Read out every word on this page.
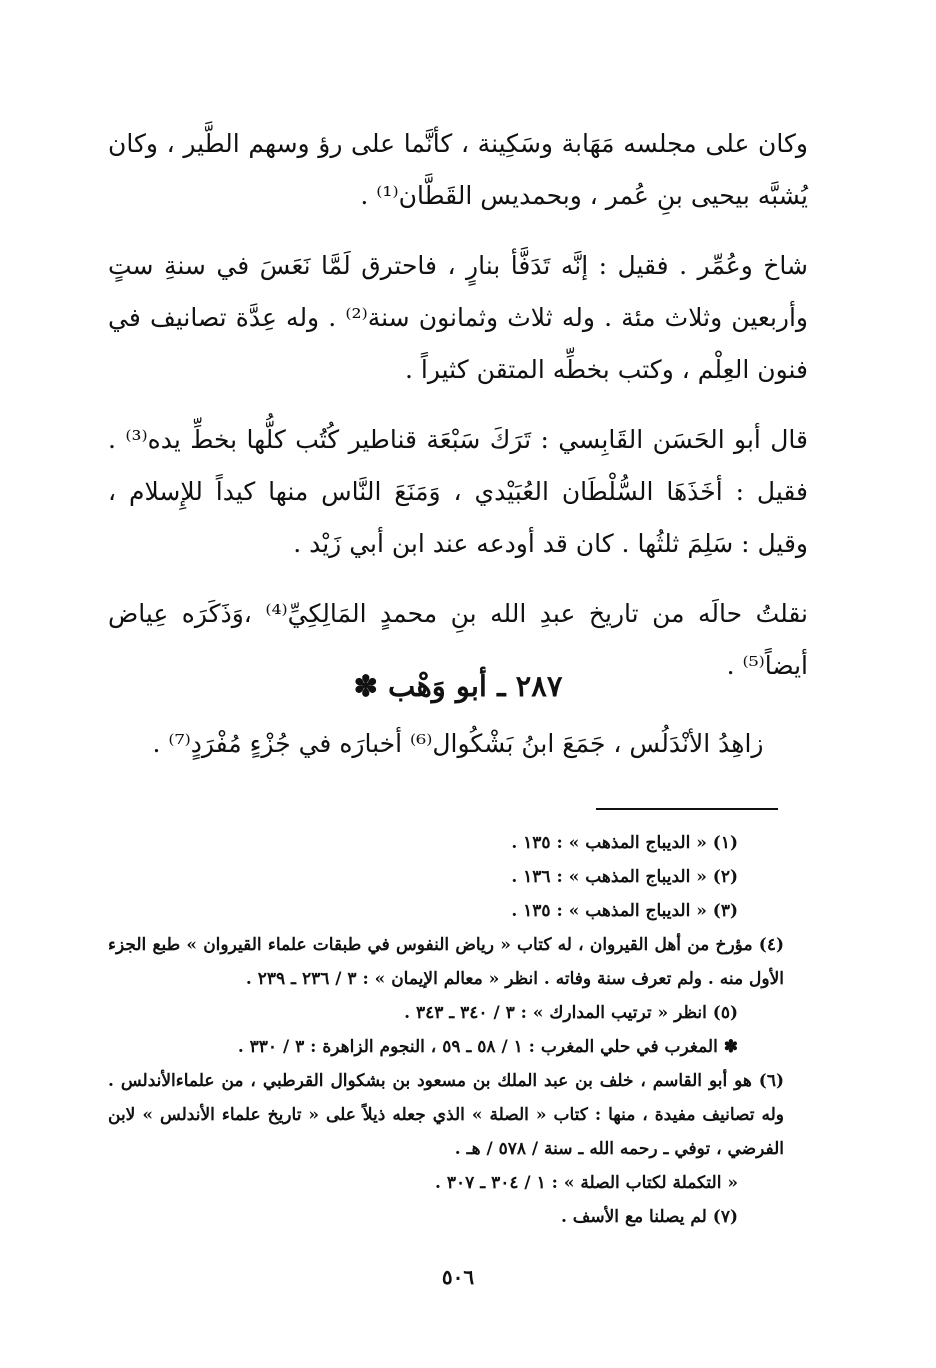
وكان على مجلسه مَهَابة وسَكِينة ، كأنَّما على رؤ وسهم الطَّير ، وكان يُشبَّه بيحيى بنِ عُمر ، وبحمديس القَطَّان⁽¹⁾ .

شاخ وعُمِّر . فقيل : إنَّه تَدَفَّأ بنارٍ ، فاحترق لَمَّا نَعَسَ في سنةِ ستٍ وأربعين وثلاث مئة . وله ثلاث وثمانون سنة⁽²⁾ . وله عِدَّة تصانيف في فنون العِلْم ، وكتب بخطِّه المتقن كثيراً .

قال أبو الحَسَن القَابِسي : تَرَكَ سَبْعَة قناطير كُتُب كلُّها بخطِّ يده⁽³⁾ . فقيل : أخَذَهَا السُّلْطَان العُبَيْدي ، وَمَنَعَ النَّاس منها كيداً للإِسلام ، وقيل : سَلِمَ ثلثُها . كان قد أودعه عند ابن أبي زَيْد .

نقلتُ حالَه من تاريخ عبدِ الله بنِ محمدٍ المَالِكِيِّ⁽⁴⁾ ،وَذَكَرَه عِياض أيضاً⁽⁵⁾ .

٢٨٧ ـ أبو وَهْب ✽
زاهِدُ الأنْدَلُس ، جَمَعَ ابنُ بَشْكُوال⁽⁶⁾ أخبارَه في جُزْءٍ مُفْرَدٍ⁽⁷⁾ .

(١) « الديباج المذهب » : ١٣٥ .

(٢) « الديباج المذهب » : ١٣٦ .

(٣) « الديباج المذهب » : ١٣٥ .

(٤) مؤرخ من أهل القيروان ، له كتاب « رياض النفوس في طبقات علماء القيروان » طبع الجزء الأول منه . ولم تعرف سنة وفاته . انظر « معالم الإيمان » : ٣ / ٢٣٦ ـ ٢٣٩ .

(٥) انظر « ترتيب المدارك » : ٣ / ٣٤٠ ـ ٣٤٣ .

✽ المغرب في حلي المغرب : ١ / ٥٨ ـ ٥٩ ، النجوم الزاهرة : ٣ / ٣٣٠ .

(٦) هو أبو القاسم ، خلف بن عبد الملك بن مسعود بن بشكوال القرطبي ، من علماءالأندلس . وله تصانيف مفيدة ، منها : كتاب « الصلة » الذي جعله ذيلاً على « تاريخ علماء الأندلس » لابن الفرضي ، توفي ـ رحمه الله ـ سنة / ٥٧٨ / هـ .

« التكملة لكتاب الصلة » : ١ / ٣٠٤ ـ ٣٠٧ .

(٧) لم يصلنا مع الأسف .

٥٠٦
